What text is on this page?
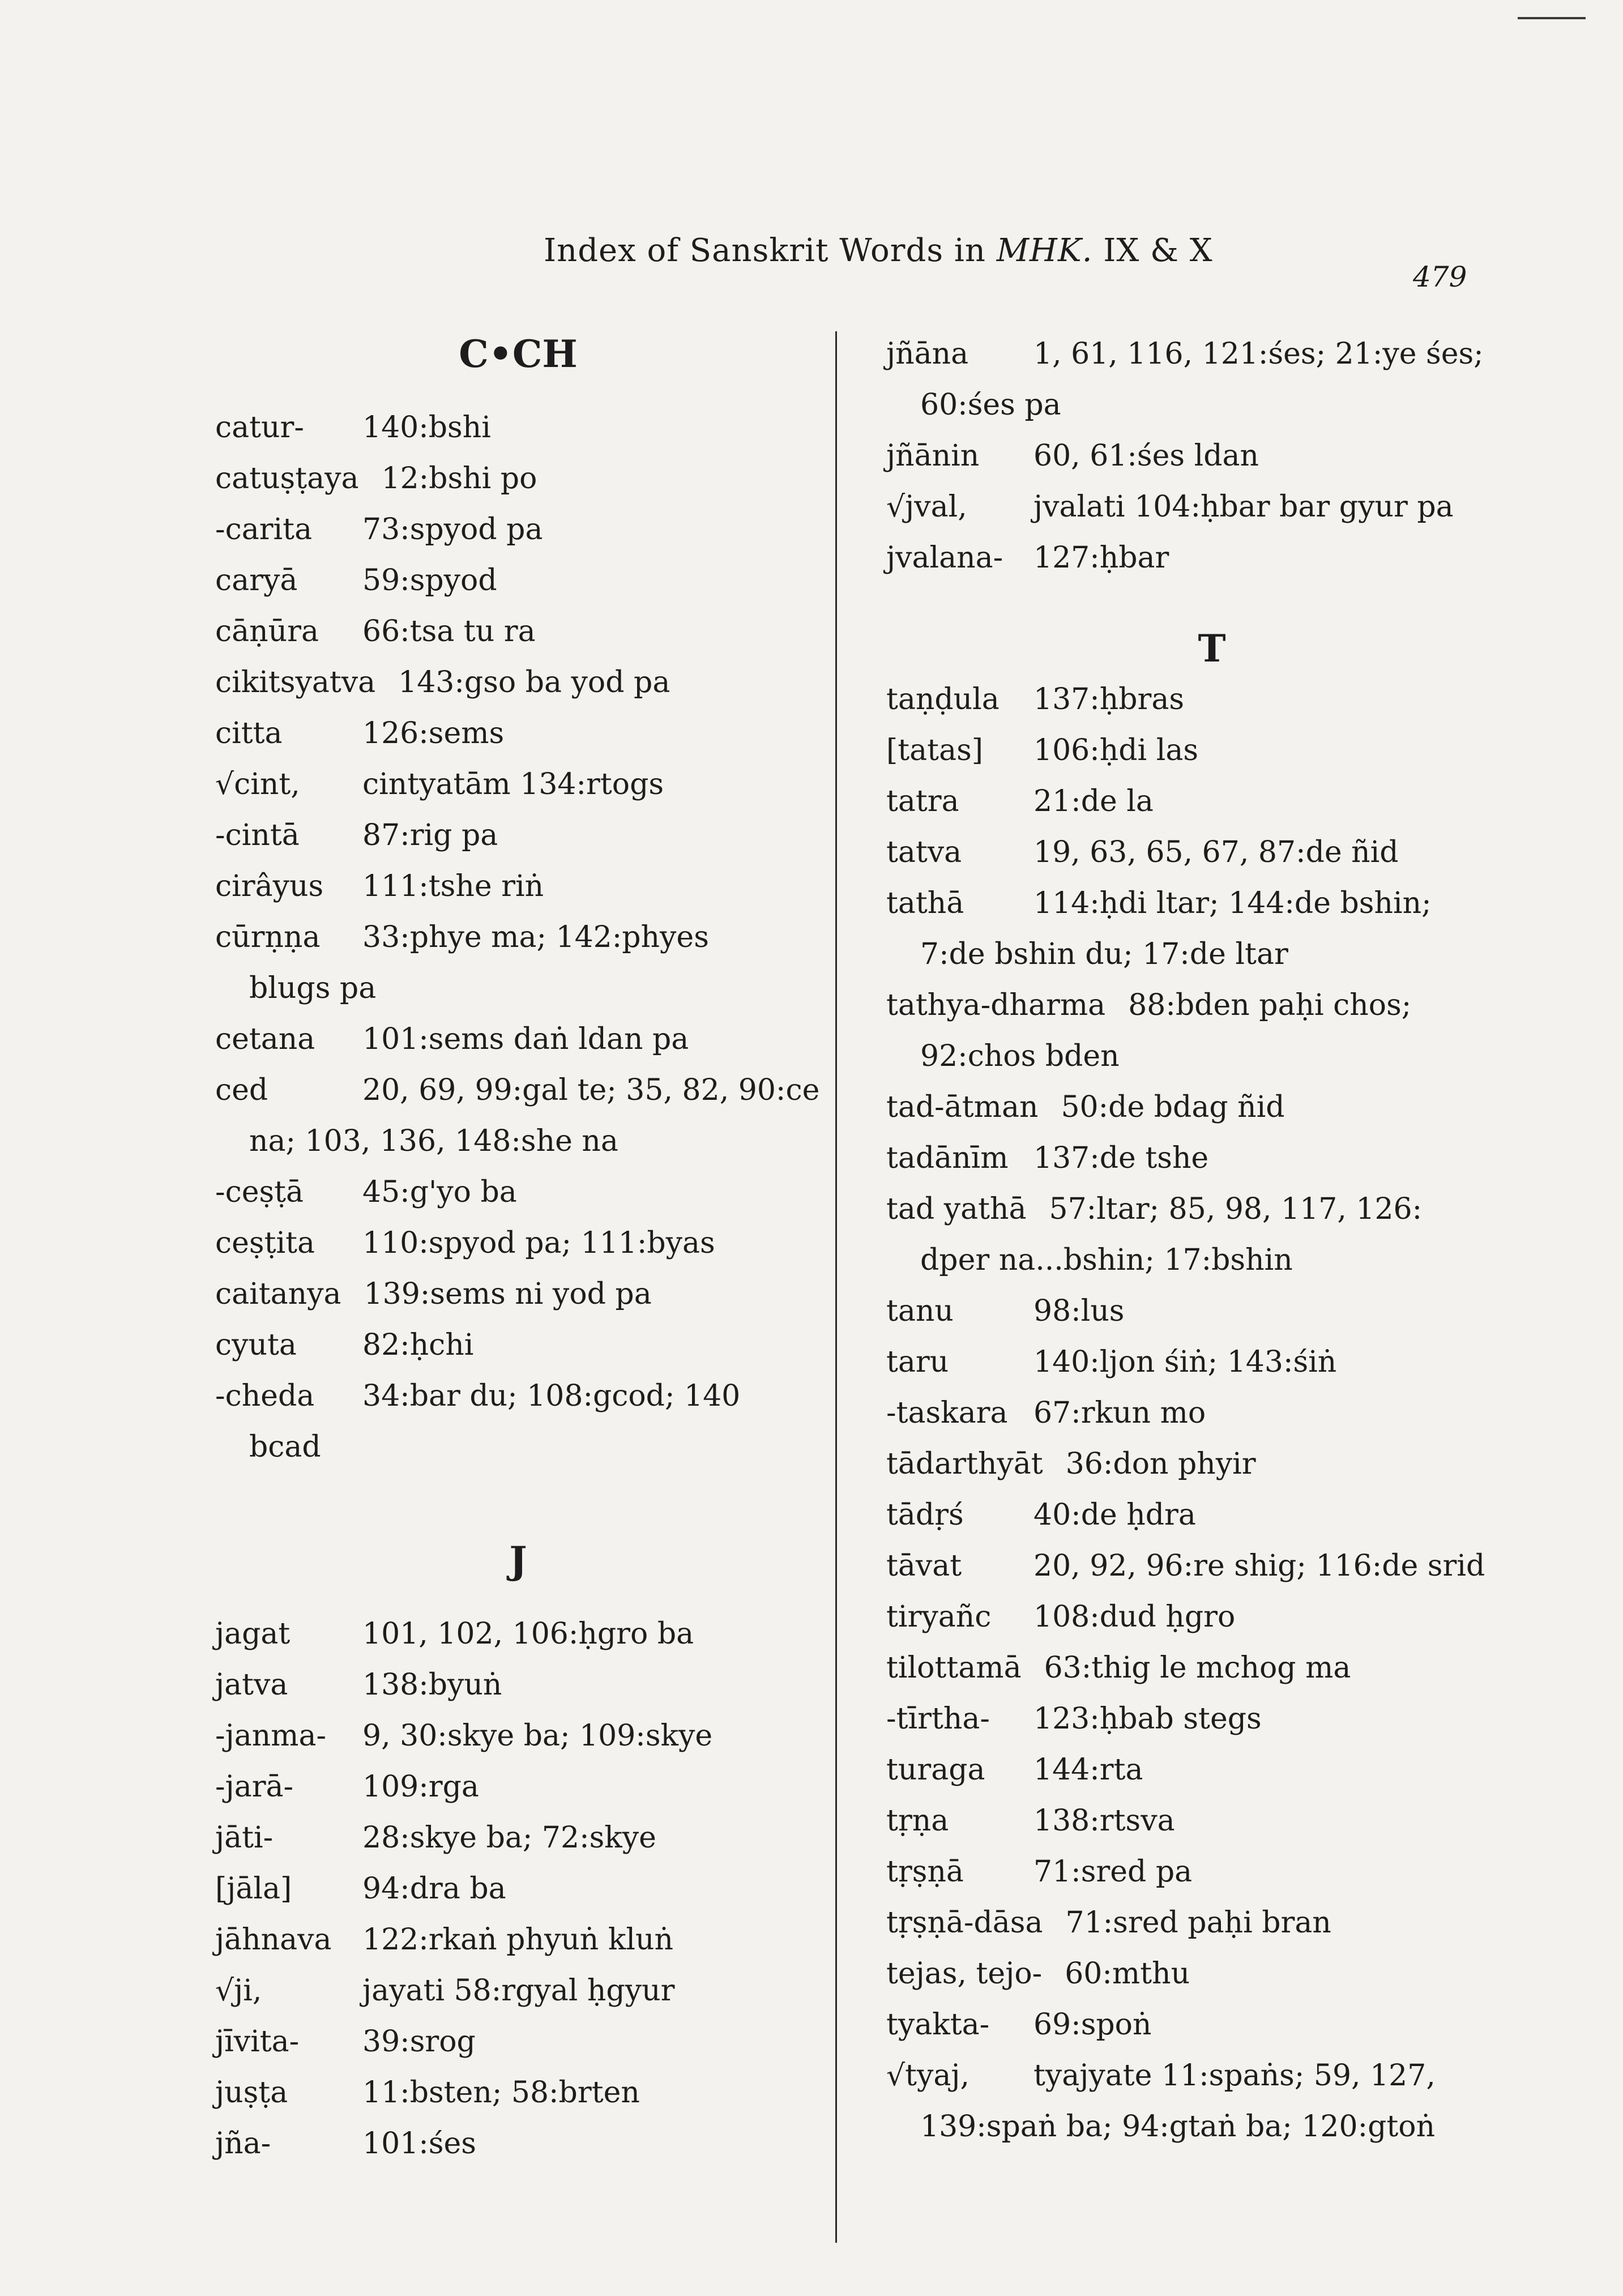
Index of Sanskrit Words in MHK. IX & X
479
C•CH
catur- 140:bshi
catuṣṭaya 12:bshi po
-carita 73:spyod pa
caryā 59:spyod
cāṇūra 66:tsa tu ra
cikitsyatva 143:gso ba yod pa
citta	126:sems
√cint, cintyatām 134:rtogs
-cintā 87:rig pa
cirâyus 111:tshe riṅ
cūrṇṇa 33:phye ma; 142:phyes
blugs pa
cetana 101:sems daṅ ldan pa
ced	20, 69, 99:gal te; 35, 82, 90:ce
na; 103, 136, 148:she na
-ceṣṭā 45:g'yo ba
ceṣṭita 110:spyod pa; 111:byas
caitanya 139:sems ni yod pa
cyuta 82:ḥchi
-cheda 34:bar du; 108:gcod; 140
bcad
J
jagat 101, 102, 106:ḥgro ba
jatva	138:byuṅ
-janma- 9, 30:skye ba; 109:skye
-jarā- 109:rga
jāti-	28:skye ba; 72:skye
[jāla] 94:dra ba
jāhnava 122:rkaṅ phyuṅ kluṅ
√ji,	jayati 58:rgyal ḥgyur
jīvita- 39:srog
juṣṭa	11:bsten; 58:brten
jña-	101:śes
jñāna 1, 61, 116, 121:śes; 21:ye śes;
60:śes pa
jñānin 60, 61:śes ldan
√jval, jvalati 104:ḥbar bar gyur pa
jvalana- 127:ḥbar
T
taṇḍula 137:ḥbras
[tatas] 106:ḥdi las
tatra	21:de la
tatva 19, 63, 65, 67, 87:de ñid
tathā 114:ḥdi ltar; 144:de bshin;
7:de bshin du; 17:de ltar
tathya-dharma 88:bden paḥi chos;
92:chos bden
tad-ātman 50:de bdag ñid
tadānīm 137:de tshe
tad yathā 57:ltar; 85, 98, 117, 126:
dper na...bshin; 17:bshin
tanu	98:lus
taru	140:ljon śiṅ; 143:śiṅ
-taskara 67:rkun mo
tādarthyāt 36:don phyir
tādṛś 40:de ḥdra
tāvat 20, 92, 96:re shig; 116:de srid
tiryañc 108:dud ḥgro
tilottamā 63:thig le mchog ma
-tīrtha- 123:ḥbab stegs
turaga 144:rta
tṛṇa	138:rtsva
tṛṣṇā 71:sred pa
tṛṣṇā-dāsa 71:sred paḥi bran
tejas, tejo- 60:mthu
tyakta- 69:spoṅ
√tyaj, tyajyate 11:spaṅs; 59, 127,
139:spaṅ ba; 94:gtaṅ ba; 120:gtoṅ
